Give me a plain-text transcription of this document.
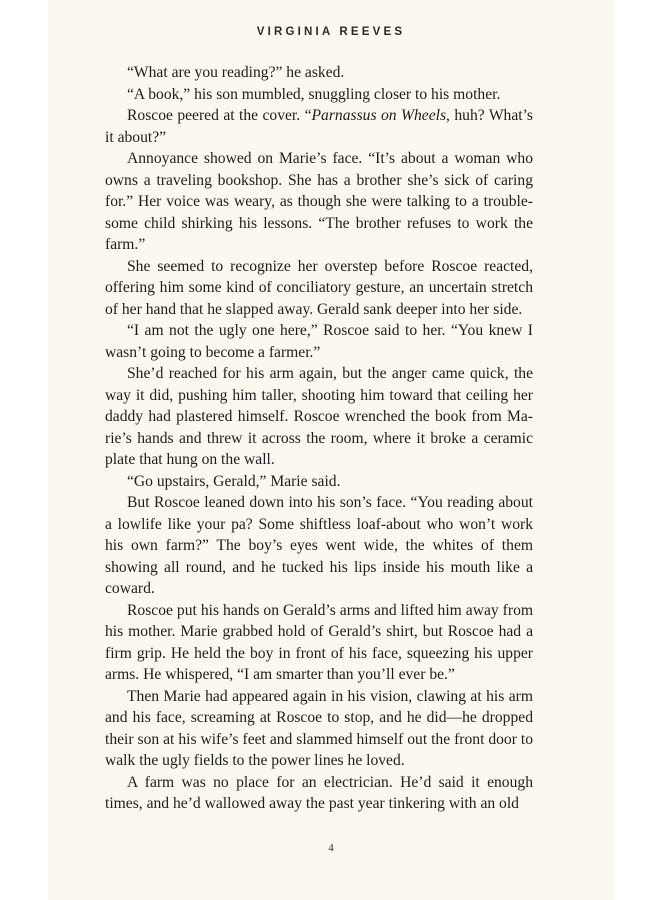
VIRGINIA REEVES

“What are you reading?” he asked.

“A book,” his son mumbled, snuggling closer to his mother.

Roscoe peered at the cover. “Parnassus on Wheels, huh? What’s it about?”

Annoyance showed on Marie’s face. “It’s about a woman who owns a traveling bookshop. She has a brother she’s sick of caring for.” Her voice was weary, as though she were talking to a troublesome child shirking his lessons. “The brother refuses to work the farm.”

She seemed to recognize her overstep before Roscoe reacted, offering him some kind of conciliatory gesture, an uncertain stretch of her hand that he slapped away. Gerald sank deeper into her side.

“I am not the ugly one here,” Roscoe said to her. “You knew I wasn’t going to become a farmer.”

She’d reached for his arm again, but the anger came quick, the way it did, pushing him taller, shooting him toward that ceiling her daddy had plastered himself. Roscoe wrenched the book from Marie’s hands and threw it across the room, where it broke a ceramic plate that hung on the wall.

“Go upstairs, Gerald,” Marie said.

But Roscoe leaned down into his son’s face. “You reading about a lowlife like your pa? Some shiftless loaf-about who won’t work his own farm?” The boy’s eyes went wide, the whites of them showing all round, and he tucked his lips inside his mouth like a coward.

Roscoe put his hands on Gerald’s arms and lifted him away from his mother. Marie grabbed hold of Gerald’s shirt, but Roscoe had a firm grip. He held the boy in front of his face, squeezing his upper arms. He whispered, “I am smarter than you’ll ever be.”

Then Marie had appeared again in his vision, clawing at his arm and his face, screaming at Roscoe to stop, and he did—he dropped their son at his wife’s feet and slammed himself out the front door to walk the ugly fields to the power lines he loved.

A farm was no place for an electrician. He’d said it enough times, and he’d wallowed away the past year tinkering with an old

4
